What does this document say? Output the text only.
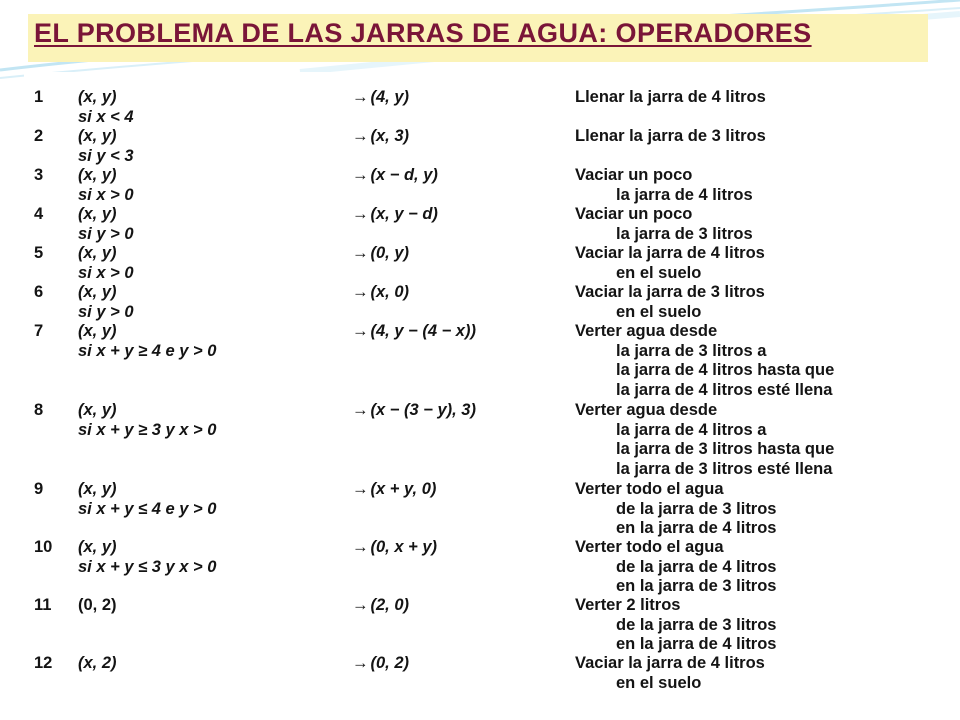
EL PROBLEMA DE LAS JARRAS DE AGUA: OPERADORES
1	(x, y)
si x < 4
→ (4, y)	Llenar la jarra de 4 litros
2	(x, y)
si y < 3
→ (x, 3)	Llenar la jarra de 3 litros
3	(x, y)
si x > 0
→ (x − d, y)	Vaciar un poco
la jarra de 4 litros
4	(x, y)
si y > 0
→ (x, y − d)	Vaciar un poco
la jarra de 3 litros
5	(x, y)
si x > 0
→ (0, y)	Vaciar la jarra de 4 litros
en el suelo
6	(x, y)
si y > 0
→ (x, 0)	Vaciar la jarra de 3 litros
en el suelo
7	(x, y)
si x + y ≥ 4 e y > 0
→ (4, y − (4 − x))	Verter agua desde
la jarra de 3 litros a
la jarra de 4 litros hasta que
la jarra de 4 litros esté llena
8	(x, y)
si x + y ≥ 3 y x > 0
→ (x − (3 − y), 3)	Verter agua desde
la jarra de 4 litros a
la jarra de 3 litros hasta que
la jarra de 3 litros esté llena
9	(x, y)
si x + y ≤ 4 e y > 0
→ (x + y, 0)	Verter todo el agua
de la jarra de 3 litros
en la jarra de 4 litros
10	(x, y)
si x + y ≤ 3 y x > 0
→ (0, x + y)	Verter todo el agua
de la jarra de 4 litros
en la jarra de 3 litros
11	(0, 2)	→ (2, 0)	Verter 2 litros
de la jarra de 3 litros
en la jarra de 4 litros
12	(x, 2)	→ (0, 2)	Vaciar la jarra de 4 litros
en el suelo
